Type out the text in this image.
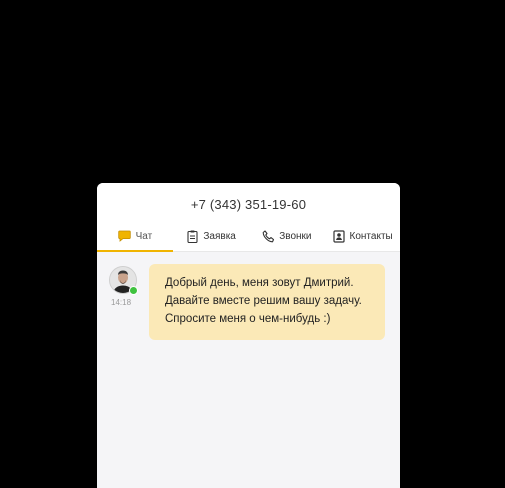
+7 (343) 351-19-60
Чат	Заявка	Звонки	Контакты
14:18
Добрый день, меня зовут Дмитрий. Давайте вместе решим вашу задачу. Спросите меня о чем-нибудь :)
